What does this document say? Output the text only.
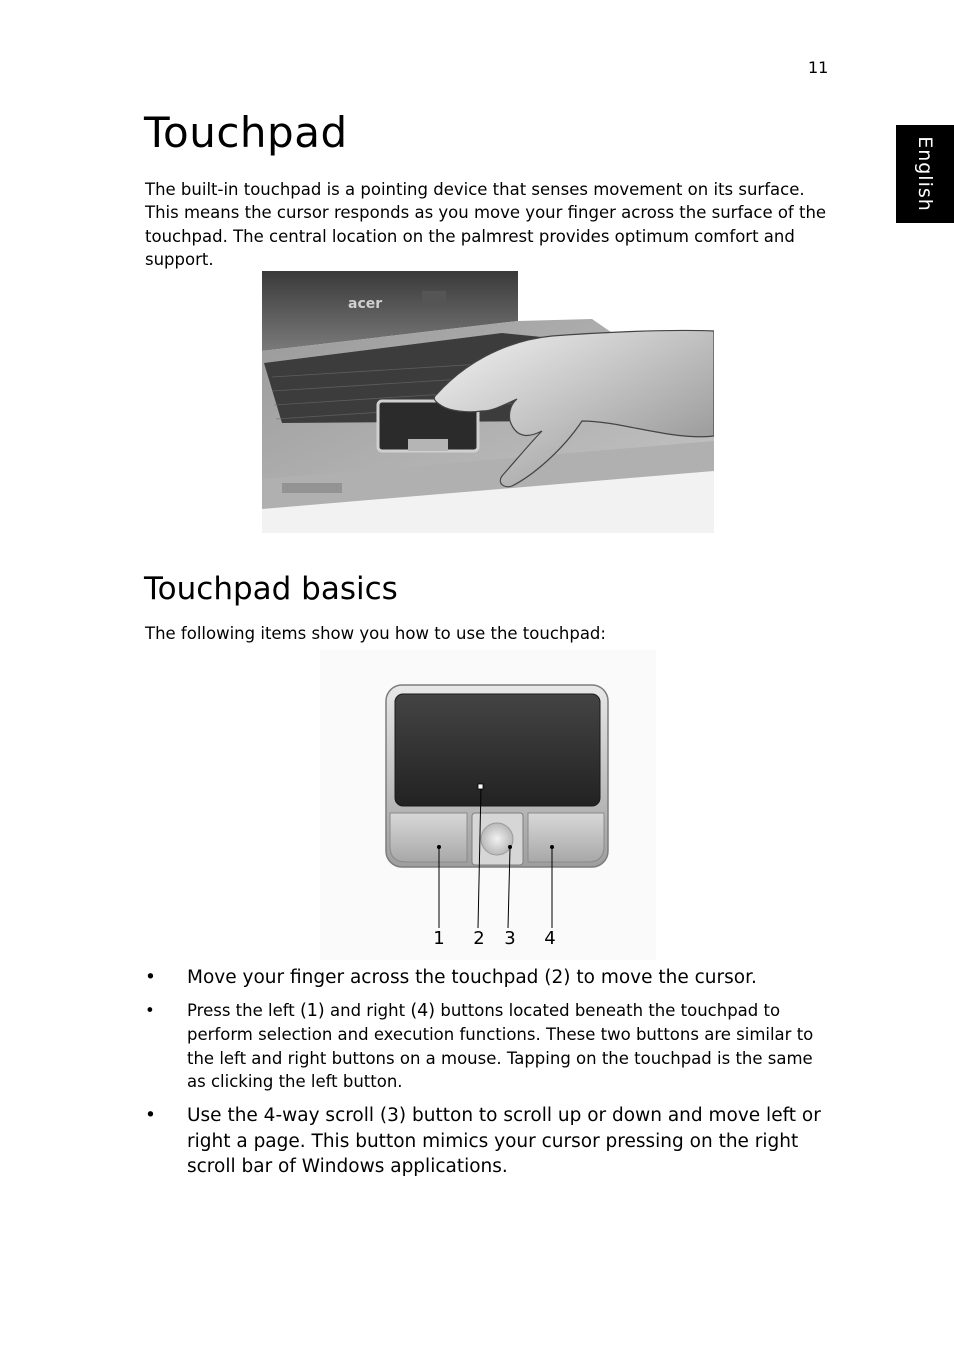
11
English
Touchpad

The built-in touchpad is a pointing device that senses movement on its surface. This means the cursor responds as you move your finger across the surface of the touchpad. The central location on the palmrest provides optimum comfort and support.

acer
Touchpad basics

The following items show you how to use the touchpad:

1 2 3 4
• Move your finger across the touchpad (2) to move the cursor.
• Press the left (1) and right (4) buttons located beneath the touchpad to perform selection and execution functions. These two buttons are similar to the left and right buttons on a mouse. Tapping on the touchpad is the same as clicking the left button.
• Use the 4-way scroll (3) button to scroll up or down and move left or right a page. This button mimics your cursor pressing on the right scroll bar of Windows applications.
